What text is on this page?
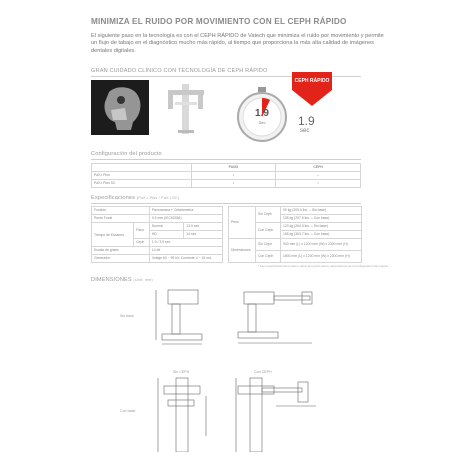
MINIMIZA EL RUIDO POR MOVIMIENTO CON EL CEPH RÁPIDO
El siguiente paso en la tecnología es con el CEPH RÁPIDO de Vatech que minimiza el ruido por movimiento y permite un flujo de tabajo en el diagnóstico mucho más rápido, al tiempo que proporciona la más alta calidad de imágenes dentales digitales.
GRAN CUIDADO CLÍNICO CON TECNOLOGÍA DE CEPH RÁPIDO
1.9
Sec
CEPH RÁPIDO
1.9
sec
Configuración del producto
	PANO	CEPH
PaX-i Plus	•	–
PaX-i Plus SC	•	•
Especificaciones (PaX-i Plus / PaX-i SC)
Función		Panorámica + Cefalometría	
Punto Focal		0.5 mm (IEC60336)	
Tiempo de Escaneo	Pano	Normal	13.5 sec
		HD	14 sec
	Ceph	1.9 / 3.9 sec	
Escala de grises		14 bit	
Generador		Voltaje 60 ~ 99 kV, Corriente 4 ~ 16 mA	
Peso	Sin Ceph	90 kg (209.6 lbs. – Sin base)
		135 kg (297.6 lbs. – Con base)
	Con Ceph	120 kg (264.5 lbs. – Sin base)
		165 kg (363.7 lbs. – Con base)
Dimensiones	Sin Ceph	940 mm (L) x 1200 mm (W) x 2300 mm (H)
	Con Ceph	1800 mm (L) x 1200 mm (W) x 2300 mm (H)
* Las especificaciones pueden variar sin previo aviso, dependiendo de la configuración del equipo.
DIMENSIONES (Unit: mm)
Sin base
Sin CEPH	Con CEPH
Con base
